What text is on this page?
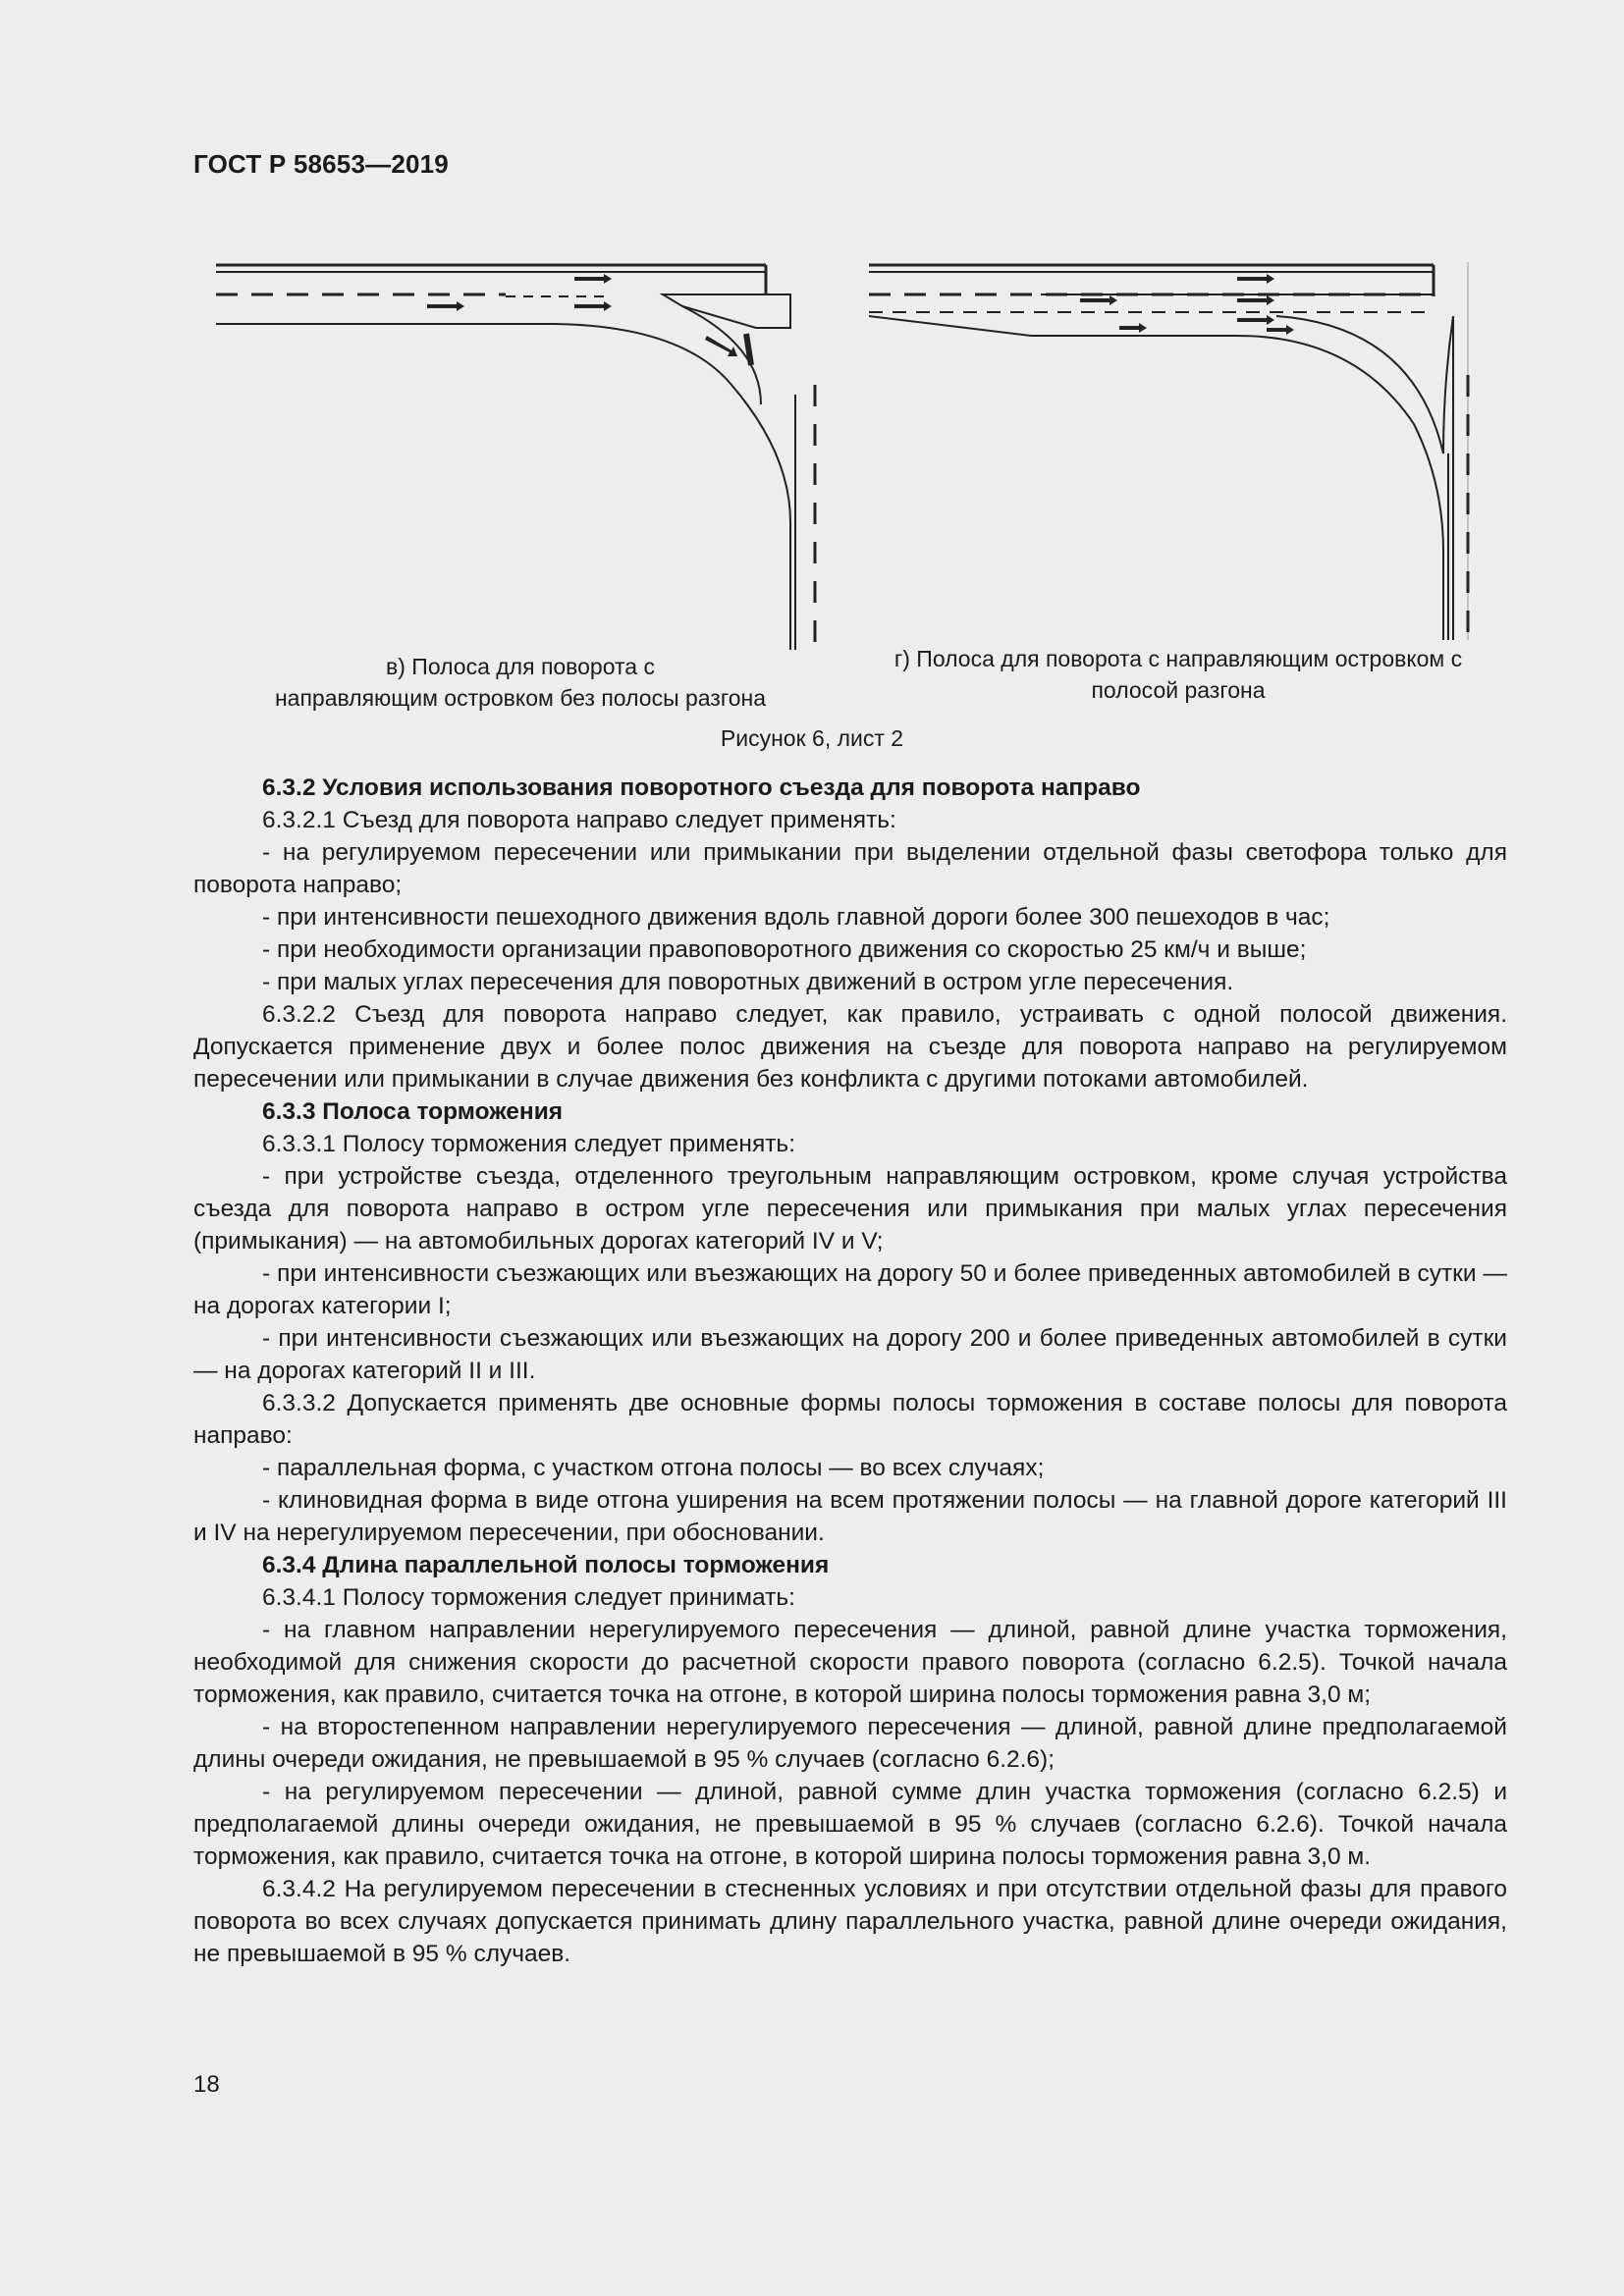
ГОСТ Р 58653—2019
в) Полоса для поворота с
направляющим островком без полосы разгона
г) Полоса для поворота с направляющим островком с
полосой разгона
Рисунок 6, лист 2

6.3.2 Условия использования поворотного съезда для поворота направо

6.3.2.1 Съезд для поворота направо следует применять:

- на регулируемом пересечении или примыкании при выделении отдельной фазы светофора только для поворота направо;

- при интенсивности пешеходного движения вдоль главной дороги более 300 пешеходов в час;

- при необходимости организации правоповоротного движения со скоростью 25 км/ч и выше;

- при малых углах пересечения для поворотных движений в остром угле пересечения.

6.3.2.2 Съезд для поворота направо следует, как правило, устраивать с одной полосой движения. Допускается применение двух и более полос движения на съезде для поворота направо на регулируемом пересечении или примыкании в случае движения без конфликта с другими потоками автомобилей.

6.3.3 Полоса торможения

6.3.3.1 Полосу торможения следует применять:

- при устройстве съезда, отделенного треугольным направляющим островком, кроме случая устройства съезда для поворота направо в остром угле пересечения или примыкания при малых углах пересечения (примыкания) — на автомобильных дорогах категорий IV и V;

- при интенсивности съезжающих или въезжающих на дорогу 50 и более приведенных автомобилей в сутки — на дорогах категории I;

- при интенсивности съезжающих или въезжающих на дорогу 200 и более приведенных автомобилей в сутки — на дорогах категорий II и III.

6.3.3.2 Допускается применять две основные формы полосы торможения в составе полосы для поворота направо:

- параллельная форма, с участком отгона полосы — во всех случаях;

- клиновидная форма в виде отгона уширения на всем протяжении полосы — на главной дороге категорий III и IV на нерегулируемом пересечении, при обосновании.

6.3.4 Длина параллельной полосы торможения

6.3.4.1 Полосу торможения следует принимать:

- на главном направлении нерегулируемого пересечения — длиной, равной длине участка торможения, необходимой для снижения скорости до расчетной скорости правого поворота (согласно 6.2.5). Точкой начала торможения, как правило, считается точка на отгоне, в которой ширина полосы торможения равна 3,0 м;

- на второстепенном направлении нерегулируемого пересечения — длиной, равной длине предполагаемой длины очереди ожидания, не превышаемой в 95 % случаев (согласно 6.2.6);

- на регулируемом пересечении — длиной, равной сумме длин участка торможения (согласно 6.2.5) и предполагаемой длины очереди ожидания, не превышаемой в 95 % случаев (согласно 6.2.6). Точкой начала торможения, как правило, считается точка на отгоне, в которой ширина полосы торможения равна 3,0 м.

6.3.4.2 На регулируемом пересечении в стесненных условиях и при отсутствии отдельной фазы для правого поворота во всех случаях допускается принимать длину параллельного участка, равной длине очереди ожидания, не превышаемой в 95 % случаев.

18
